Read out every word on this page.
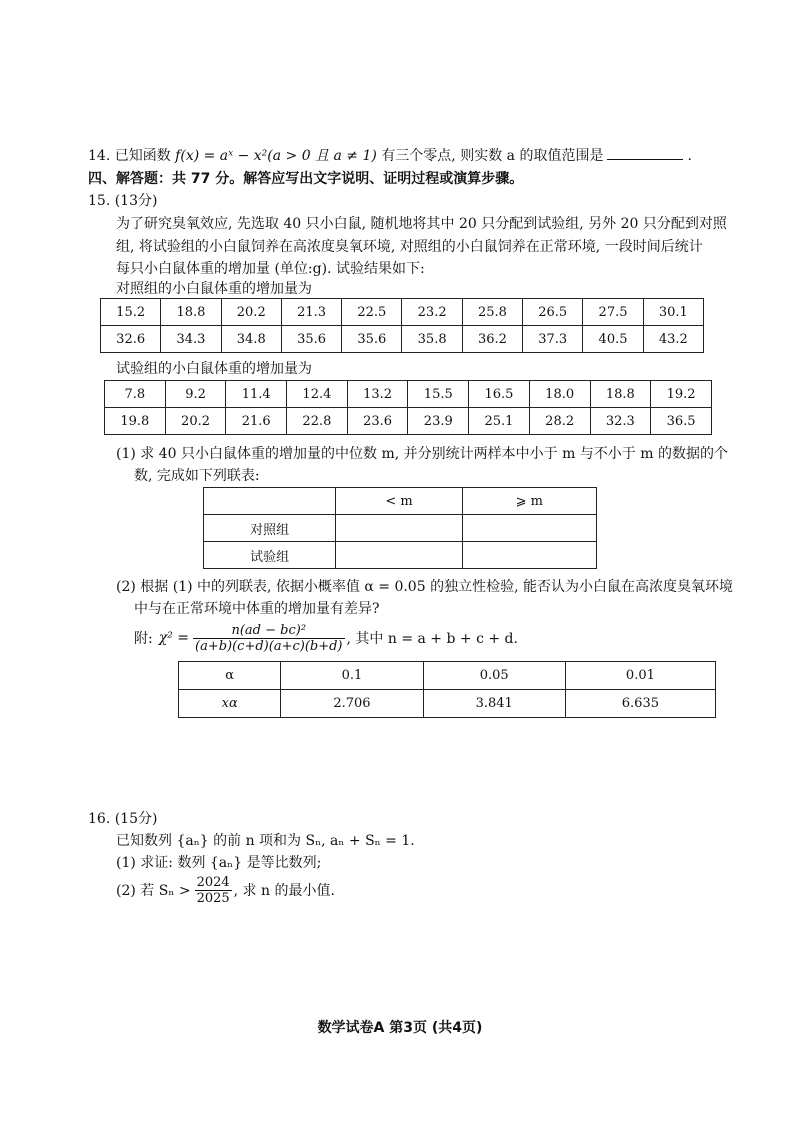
14. 已知函数 f(x) = aˣ − x²(a > 0 且 a ≠ 1) 有三个零点, 则实数 a 的取值范围是	.
四、解答题：共 77 分。解答应写出文字说明、证明过程或演算步骤。
15. (13分)
为了研究臭氧效应, 先选取 40 只小白鼠, 随机地将其中 20 只分配到试验组, 另外 20 只分配到对照
组, 将试验组的小白鼠饲养在高浓度臭氧环境, 对照组的小白鼠饲养在正常环境, 一段时间后统计
每只小白鼠体重的增加量 (单位:g). 试验结果如下:
对照组的小白鼠体重的增加量为
15.2	18.8	20.2	21.3	22.5	23.2	25.8	26.5	27.5	30.1
32.6	34.3	34.8	35.6	35.6	35.8	36.2	37.3	40.5	43.2
试验组的小白鼠体重的增加量为
7.8	9.2	11.4	12.4	13.2	15.5	16.5	18.0	18.8	19.2
19.8	20.2	21.6	22.8	23.6	23.9	25.1	28.2	32.3	36.5
(1) 求 40 只小白鼠体重的增加量的中位数 m, 并分别统计两样本中小于 m 与不小于 m 的数据的个
数, 完成如下列联表:
	< m	⩾ m
对照组		
试验组		
(2) 根据 (1) 中的列联表, 依据小概率值 α = 0.05 的独立性检验, 能否认为小白鼠在高浓度臭氧环境
中与在正常环境中体重的增加量有差异?
附: $\chi^2 = \frac{\text{n(ad − bc)²}}{(a+b)(c+d)(a+c)(b+d)}$ , 其中 n = a + b + c + d.
α	0.1	0.05	0.01
xα	2.706	3.841	6.635
16. (15分)
已知数列 {aₙ} 的前 n 项和为 Sₙ, aₙ + Sₙ = 1.
(1) 求证: 数列 {aₙ} 是等比数列;
(2) 若 $S_n > \frac{2024}{2025}$ , 求 n 的最小值.
数学试卷A 第3页 (共4页)
